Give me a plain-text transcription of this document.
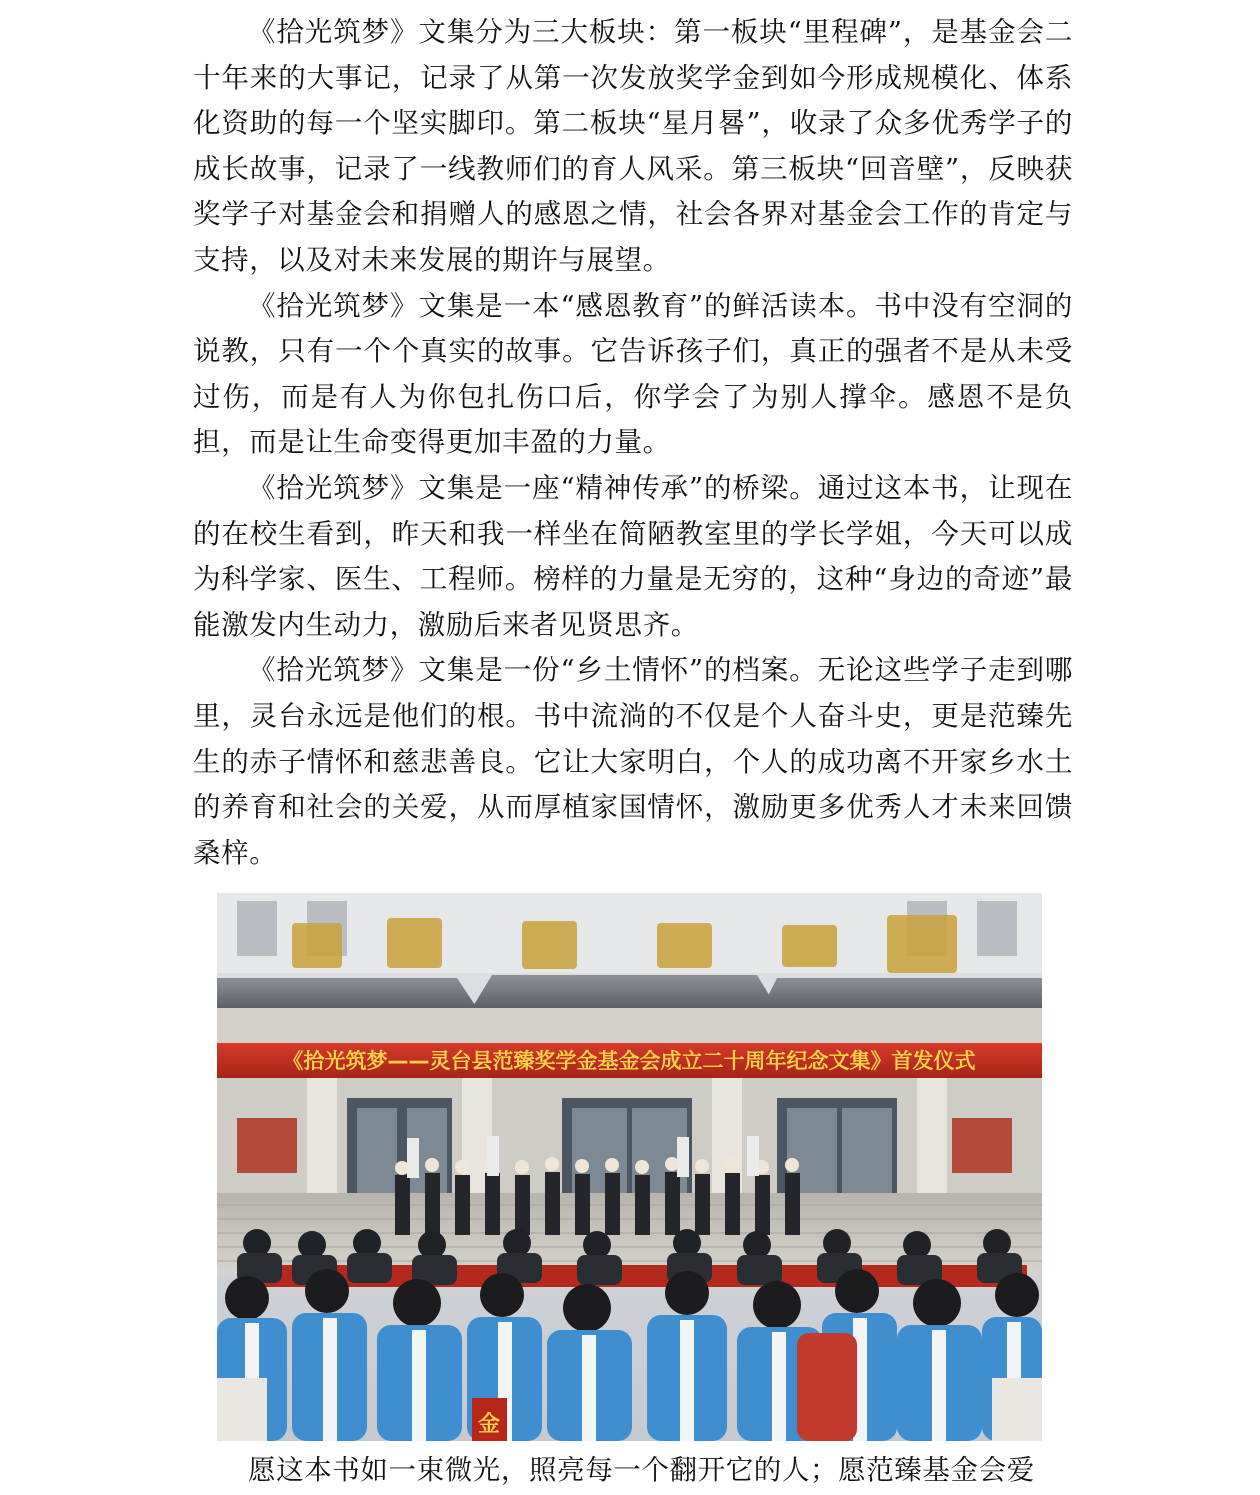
《拾光筑梦》文集分为三大板块：第一板块“里程碑”，是基金会二十年来的大事记，记录了从第一次发放奖学金到如今形成规模化、体系化资助的每一个坚实脚印。第二板块“星月晷”，收录了众多优秀学子的成长故事，记录了一线教师们的育人风采。第三板块“回音壁”，反映获奖学子对基金会和捐赠人的感恩之情，社会各界对基金会工作的肯定与支持，以及对未来发展的期许与展望。

《拾光筑梦》文集是一本“感恩教育”的鲜活读本。书中没有空洞的说教，只有一个个真实的故事。它告诉孩子们，真正的强者不是从未受过伤，而是有人为你包扎伤口后，你学会了为别人撑伞。感恩不是负担，而是让生命变得更加丰盈的力量。

《拾光筑梦》文集是一座“精神传承”的桥梁。通过这本书，让现在的在校生看到，昨天和我一样坐在简陋教室里的学长学姐，今天可以成为科学家、医生、工程师。榜样的力量是无穷的，这种“身边的奇迹”最能激发内生动力，激励后来者见贤思齐。

《拾光筑梦》文集是一份“乡土情怀”的档案。无论这些学子走到哪里，灵台永远是他们的根。书中流淌的不仅是个人奋斗史，更是范臻先生的赤子情怀和慈悲善良。它让大家明白，个人的成功离不开家乡水土的养育和社会的关爱，从而厚植家国情怀，激励更多优秀人才未来回馈桑梓。

《拾光筑梦——灵台县范臻奖学金基金会成立二十周年纪念文集》首发仪式
金

愿这本书如一束微光，照亮每一个翻开它的人；愿范臻基金会爱
